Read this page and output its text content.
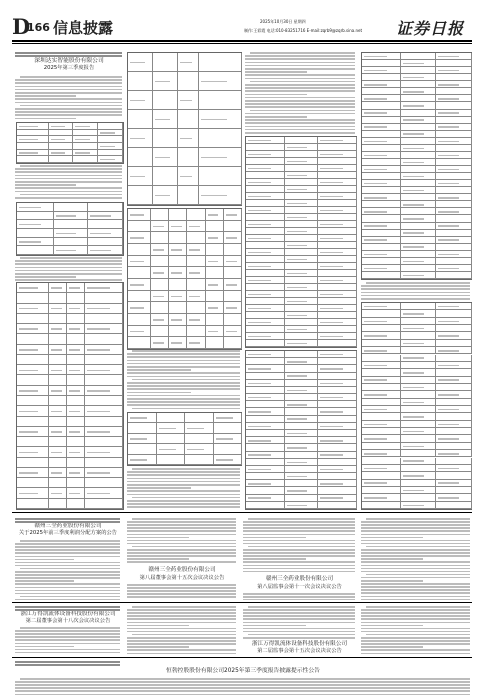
D
166 信息披露	2025年10月30日 星期四
制作:王彩霞 电话:010-83251716 E-mail:zqrb9@zqrb.sina.net 证券日报
深圳达实智能股份有限公司
2025年第三季度报告
赣州三全药业股份有限公司
关于2025年前三季度利润分配方案的公告
赣州三全药业股份有限公司
第八届董事会第十五次会议决议公告	赣州三全药业股份有限公司
第八届监事会第十一次会议决议公告
浙江万得凯流体设备科技股份有限公司
第二届董事会第十八次会议决议公告
浙江万得凯流体设备科技股份有限公司
第二届监事会第十五次会议决议公告
恒勃控股股份有限公司2025年第三季度报告披露提示性公告
